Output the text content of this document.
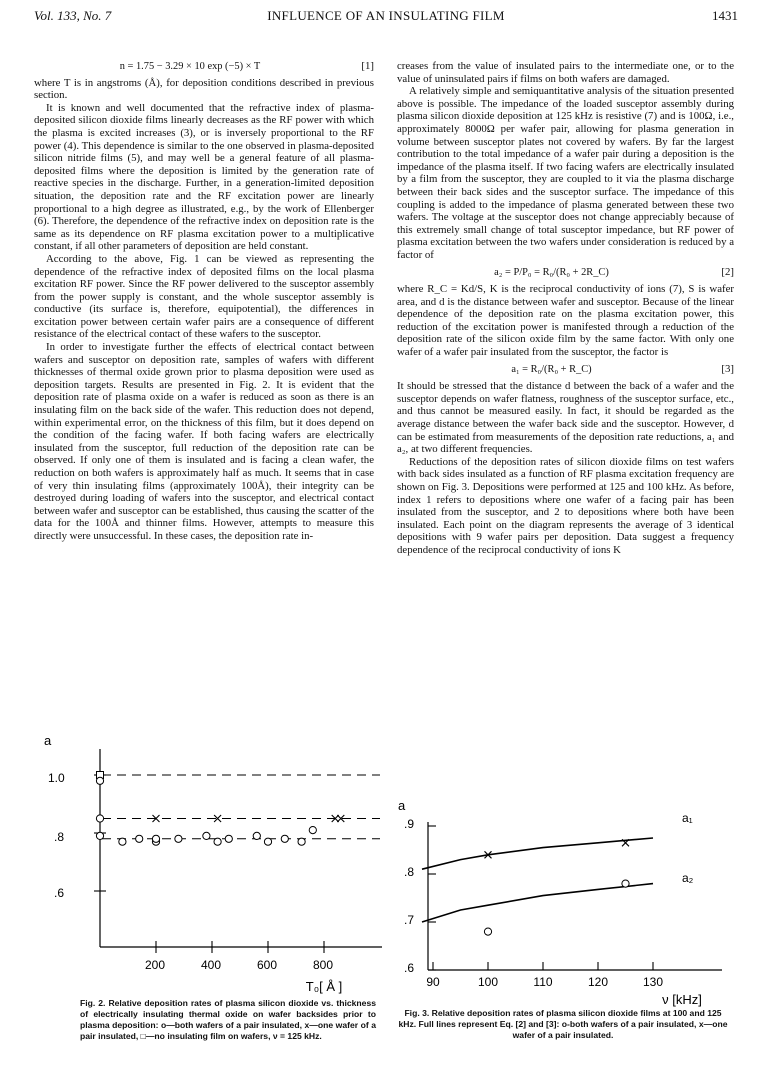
Vol. 133, No. 7	INFLUENCE OF AN INSULATING FILM	1431
n = 1.75 − 3.29 × 10 exp (−5) × T	[1]

where T is in angstroms (Å), for deposition conditions described in previous section.

It is known and well documented that the refractive index of plasma-deposited silicon dioxide films linearly decreases as the RF power with which the plasma is excited increases (3), or is inversely proportional to the RF power (4). This dependence is similar to the one observed in plasma-deposited silicon nitride films (5), and may well be a general feature of all plasma-deposited films where the deposition is limited by the generation rate of reactive species in the discharge. Further, in a generation-limited deposition situation, the deposition rate and the RF excitation power are linearly proportional to a high degree as illustrated, e.g., by the work of Ellenberger (6). Therefore, the dependence of the refractive index on deposition rate is the same as its dependence on RF plasma excitation power to a multiplicative constant, if all other parameters of deposition are held constant.

According to the above, Fig. 1 can be viewed as representing the dependence of the refractive index of deposited films on the local plasma excitation RF power. Since the RF power delivered to the susceptor assembly from the power supply is constant, and the whole susceptor assembly is conductive (its surface is, therefore, equipotential), the differences in excitation power between certain wafer pairs are a consequence of different resistance of the electrical contact of these wafers to the susceptor.

In order to investigate further the effects of electrical contact between wafers and susceptor on deposition rate, samples of wafers with different thicknesses of thermal oxide grown prior to plasma deposition were used as deposition targets. Results are presented in Fig. 2. It is evident that the deposition rate of plasma oxide on a wafer is reduced as soon as there is an insulating film on the back side of the wafer. This reduction does not depend, within experimental error, on the thickness of this film, but it does depend on the condition of the facing wafer. If both facing wafers are electrically insulated from the susceptor, full reduction of the deposition rate can be observed. If only one of them is insulated and is facing a clean wafer, the reduction on both wafers is approximately half as much. It seems that in case of very thin insulating films (approximately 100Å), their integrity can be destroyed during loading of wafers into the susceptor, and electrical contact between wafer and susceptor can be established, thus causing the scatter of the data for the 100Å and thinner films. However, attempts to measure this directly were unsuccessful. In these cases, the deposition rate in-

creases from the value of insulated pairs to the intermediate one, or to the value of uninsulated pairs if films on both wafers are damaged.

A relatively simple and semiquantitative analysis of the situation presented above is possible. The impedance of the loaded susceptor assembly during plasma silicon dioxide deposition at 125 kHz is resistive (7) and is 100Ω, i.e., approximately 8000Ω per wafer pair, allowing for plasma generation in volume between susceptor plates not covered by wafers. By far the largest contribution to the total impedance of a wafer pair during a deposition is the impedance of the plasma itself. If two facing wafers are electrically insulated by a film from the susceptor, they are coupled to it via the plasma discharge between their back sides and the susceptor surface. The impedance of this coupling is added to the impedance of plasma generated between these two wafers. The voltage at the susceptor does not change appreciably because of this extremely small change of total susceptor impedance, but RF power of plasma excitation between the two wafers under consideration is reduced by a factor of

a₂ = P/P₀ = R₀/(R₀ + 2R_C)	[2]

where R_C = Kd/S, K is the reciprocal conductivity of ions (7), S is wafer area, and d is the distance between wafer and susceptor. Because of the linear dependence of the deposition rate on the plasma excitation power, this reduction of the excitation power is manifested through a reduction of the deposition rate of the silicon oxide film by the same factor. With only one wafer of a wafer pair insulated from the susceptor, the factor is

a₁ = R₀/(R₀ + R_C)	[3]

It should be stressed that the distance d between the back of a wafer and the susceptor depends on wafer flatness, roughness of the susceptor surface, etc., and thus cannot be measured easily. In fact, it should be regarded as the average distance between the wafer back side and the susceptor. However, d can be estimated from measurements of the deposition rate reductions, a₁ and a₂, at two different frequencies.

Reductions of the deposition rates of silicon dioxide films on test wafers with back sides insulated as a function of RF plasma excitation frequency are shown on Fig. 3. Depositions were performed at 125 and 100 kHz. As before, index 1 refers to depositions where one wafer of a facing pair has been insulated from the susceptor, and 2 to depositions where both have been insulated. Each point on the diagram represents the average of 3 identical depositions with 9 wafer pairs per deposition. Data suggest a frequency dependence of the reciprocal conductivity of ions K

a
1.0
.8
.6
200	400	600	800
T₀[ Å ]
a
.9
.8
.7
.6
90	100	110	120	130
ν [kHz]
a₁
a₂
Fig. 2. Relative deposition rates of plasma silicon dioxide vs. thickness of electrically insulating thermal oxide on wafer backsides prior to plasma deposition: o—both wafers of a pair insulated, x—one wafer of a pair insulated, □—no insulating film on wafers, ν = 125 kHz.
Fig. 3. Relative deposition rates of plasma silicon dioxide films at 100 and 125 kHz. Full lines represent Eq. [2] and [3]: o-both wafers of a pair insulated, x—one wafer of a pair insulated.
